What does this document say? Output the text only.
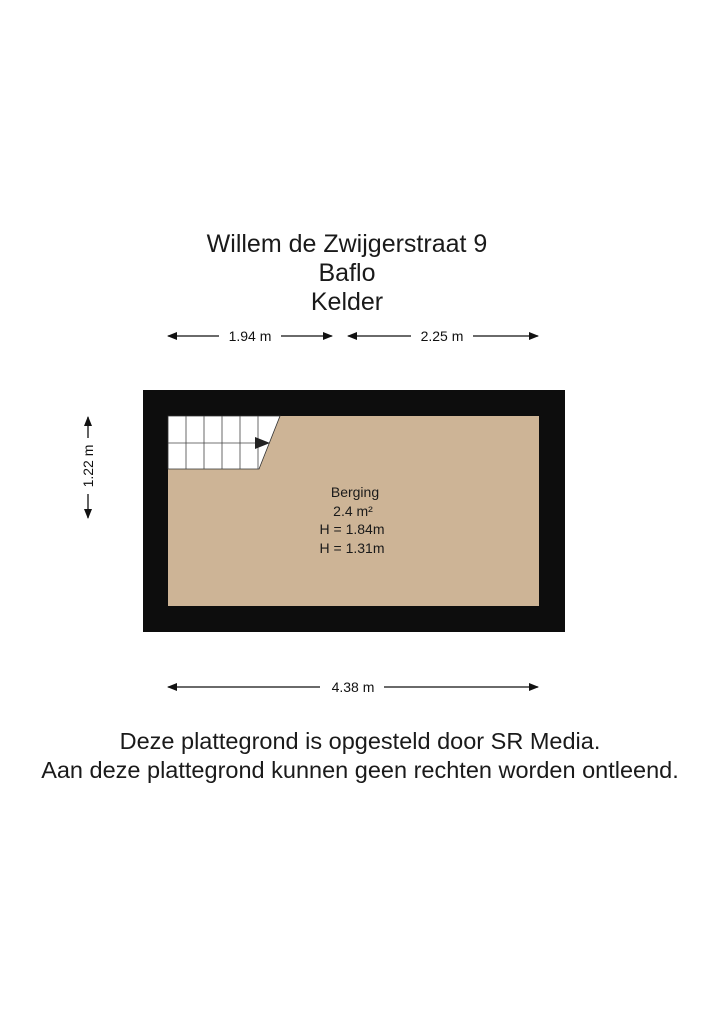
Willem de Zwijgerstraat 9
Baflo
Kelder
1.94 m	2.25 m
1.22 m
Berging
2.4 m²
H = 1.84m
H = 1.31m
4.38 m
Deze plattegrond is opgesteld door SR Media.
Aan deze plattegrond kunnen geen rechten worden ontleend.
